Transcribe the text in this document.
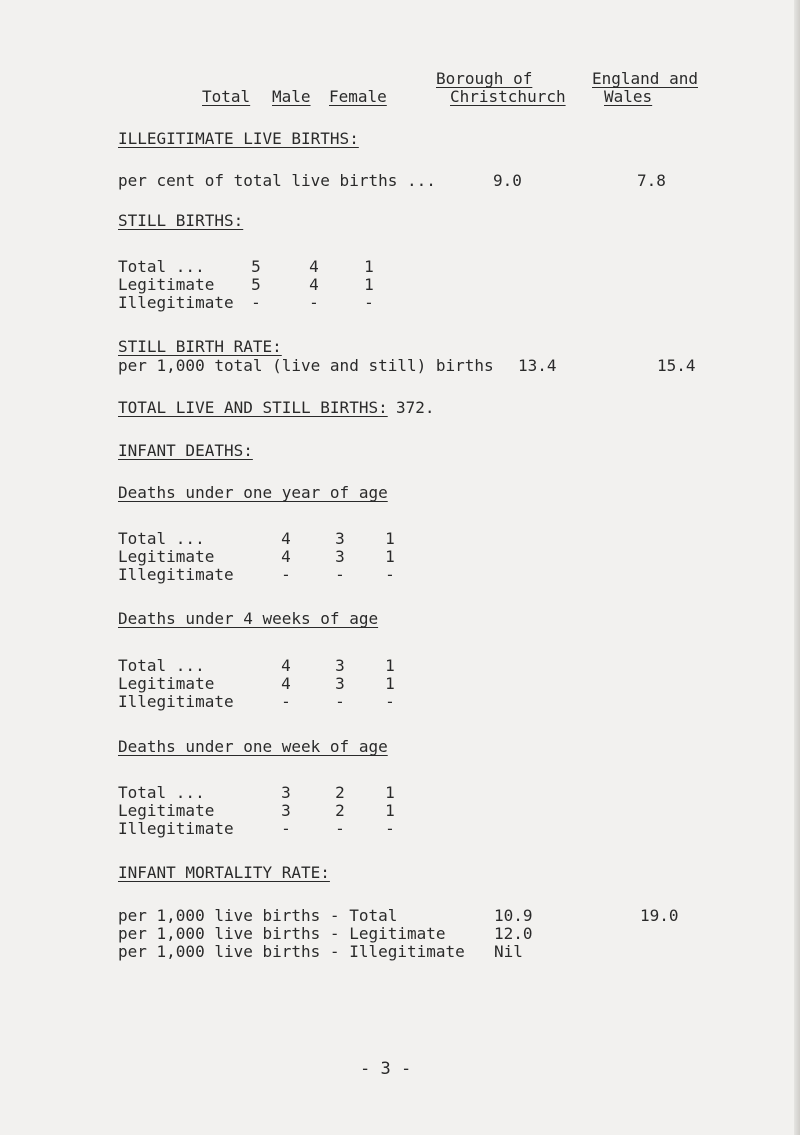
Borough of	England and
Total Male Female	Christchurch Wales
ILLEGITIMATE LIVE BIRTHS:
per cent of total live births ...	9.0	7.8
STILL BIRTHS:
Total ...	5	4	1
Legitimate	5	4	1
Illegitimate	-	-	-
STILL BIRTH RATE:
per 1,000 total (live and still) births 13.4	15.4
TOTAL LIVE AND STILL BIRTHS: 372.
INFANT DEATHS:
Deaths under one year of age
Total ...	4	3	1
Legitimate	4	3	1
Illegitimate	-	-	-
Deaths under 4 weeks of age
Total ...	4	3	1
Legitimate	4	3	1
Illegitimate	-	-	-
Deaths under one week of age
Total ...	3	2	1
Legitimate	3	2	1
Illegitimate	-	-	-
INFANT MORTALITY RATE:
per 1,000 live births - Total	10.9	19.0
per 1,000 live births - Legitimate	12.0
per 1,000 live births - Illegitimate Nil
- 3 -
